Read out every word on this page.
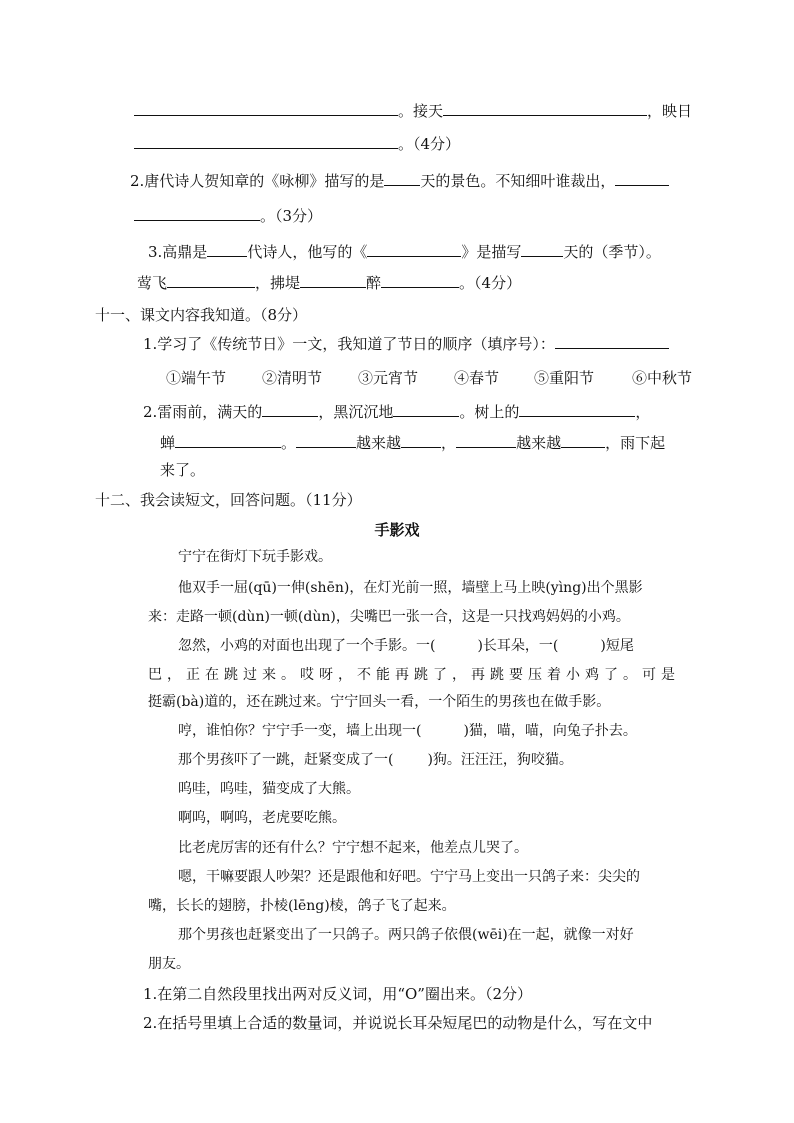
。接天	，映日
。（4分）
2.唐代诗人贺知章的《咏柳》描写的是 天的景色。不知细叶谁裁出，
。（3分）
3.高鼎是	代诗人，他写的《	》是描写	天的（季节）。
莺飞	，拂堤	醉	。（4分）
十一、课文内容我知道。（8分）
1.学习了《传统节日》一文，我知道了节日的顺序（填序号）：
①端午节 ②清明节 ③元宵节 ④春节 ⑤重阳节	⑥中秋节
2.雷雨前，满天的	，黑沉沉地	。树上的	，
蝉	。	越来越	，	越来越	，雨下起
来了。
十二、我会读短文，回答问题。（11分）
手影戏
宁宁在街灯下玩手影戏。
他双手一屈(qū)一伸(shēn)，在灯光前一照，墙壁上马上映(yìng)出个黑影
来：走路一顿(dùn)一顿(dùn)，尖嘴巴一张一合，这是一只找鸡妈妈的小鸡。
忽然，小鸡的对面也出现了一个手影。一(	)长耳朵，一(	)短尾
巴，正在跳过来。哎呀，不能再跳了，再跳要压着小鸡了。可是
挺霸(bà)道的，还在跳过来。宁宁回头一看，一个陌生的男孩也在做手影。
哼，谁怕你？宁宁手一变，墙上出现一(	)猫，喵，喵，向兔子扑去。
那个男孩吓了一跳，赶紧变成了一( )狗。汪汪汪，狗咬猫。
呜哇，呜哇，猫变成了大熊。
啊呜，啊呜，老虎要吃熊。
比老虎厉害的还有什么？宁宁想不起来，他差点儿哭了。
嗯，干嘛要跟人吵架？还是跟他和好吧。宁宁马上变出一只鸽子来：尖尖的
嘴，长长的翅膀，扑棱(lēng)棱，鸽子飞了起来。
那个男孩也赶紧变出了一只鸽子。两只鸽子依偎(wēi)在一起，就像一对好
朋友。
1.在第二自然段里找出两对反义词，用“O”圈出来。（2分）
2.在括号里填上合适的数量词，并说说长耳朵短尾巴的动物是什么，写在文中
